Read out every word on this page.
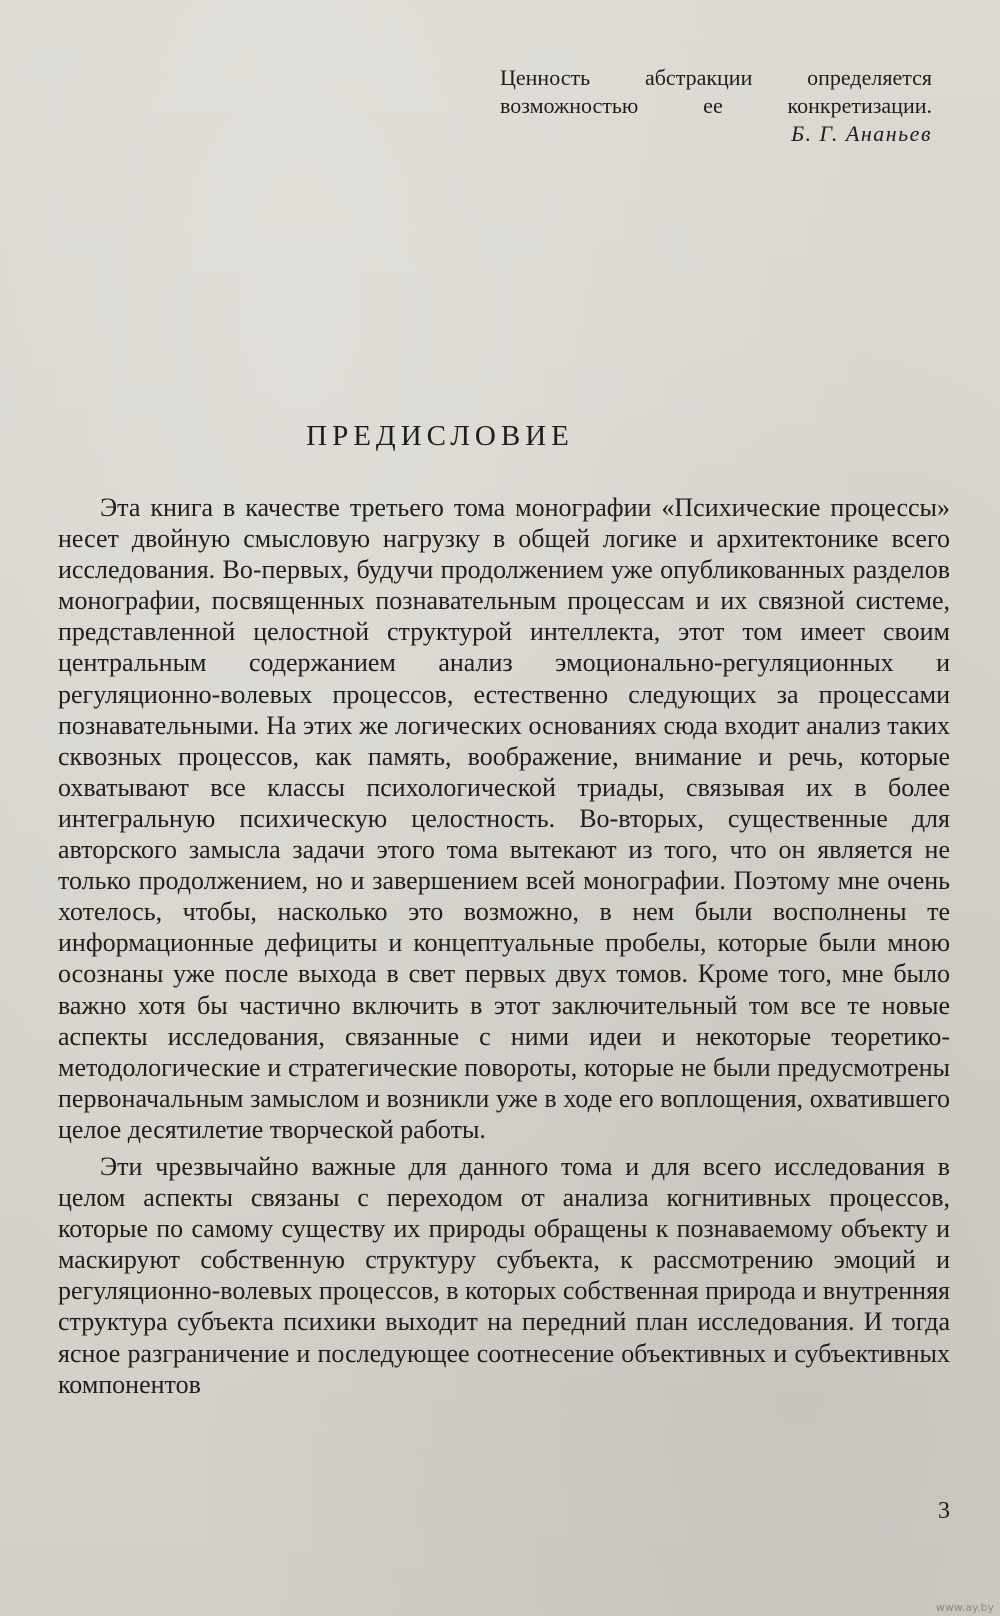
Ценность абстракции определяется
возможностью ее конкретизации.
Б. Г. Ананьев
ПРЕДИСЛОВИЕ

Эта книга в качестве третьего тома монографии «Психические процессы» несет двойную смысловую нагрузку в общей логике и архитектонике всего исследования. Во-первых, будучи продолжением уже опубликованных разделов монографии, посвященных познавательным процессам и их связной системе, представленной целостной структурой интеллекта, этот том имеет своим центральным содержанием анализ эмоционально-регуляционных и регуляционно-волевых процессов, естественно следующих за процессами познавательными. На этих же логических основаниях сюда входит анализ таких сквозных процессов, как память, воображение, внимание и речь, которые охватывают все классы психологической триады, связывая их в более интегральную психическую целостность. Во-вторых, существенные для авторского замысла задачи этого тома вытекают из того, что он является не только продолжением, но и завершением всей монографии. Поэтому мне очень хотелось, чтобы, насколько это возможно, в нем были восполнены те информационные дефициты и концептуальные пробелы, которые были мною осознаны уже после выхода в свет первых двух томов. Кроме того, мне было важно хотя бы частично включить в этот заключительный том все те новые аспекты исследования, связанные с ними идеи и некоторые теоретико-методологические и стратегические повороты, которые не были предусмотрены первоначальным замыслом и возникли уже в ходе его воплощения, охватившего целое десятилетие творческой работы.

Эти чрезвычайно важные для данного тома и для всего исследования в целом аспекты связаны с переходом от анализа когнитивных процессов, которые по самому существу их природы обращены к познаваемому объекту и маскируют собственную структуру субъекта, к рассмотрению эмоций и регуляционно-волевых процессов, в которых собственная природа и внутренняя структура субъекта психики выходит на передний план исследования. И тогда ясное разграничение и последующее соотнесение объективных и субъективных компонентов

3
www.ay.by
